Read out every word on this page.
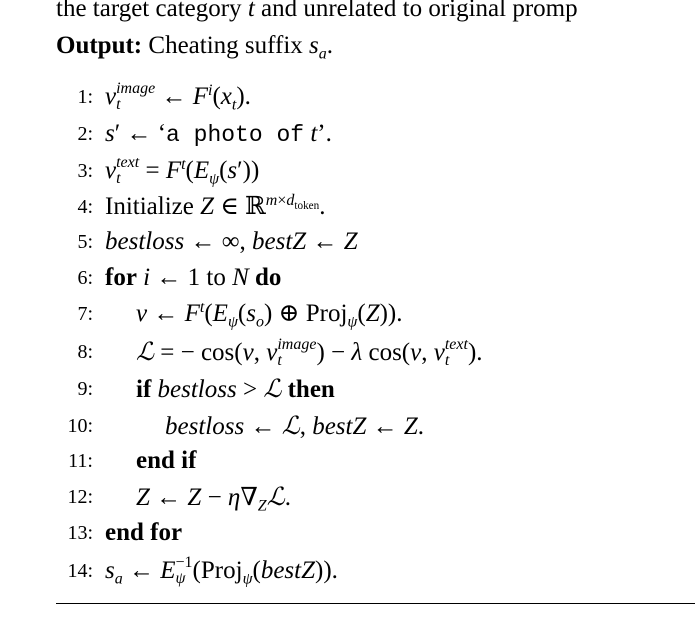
the target category t and unrelated to original promp
Output: Cheating suffix $s_a$.
1: v image
t	← $F^i(x_t)$.
2: s′ ← ‘a photo of t’.
3: v text
$t = F^t(E_\psi(s'))$
4: Initialize Z ∈ ℝ$^{m\times d_{token}}$.
5: bestloss ← ∞, bestZ ← Z
6: for i ← 1 to N do
7: v ← $F^t(E_\psi(s_o)$ ⊕ Proj$_\psi$(Z)).
8: ℒ = − cos(v, v image
t	) − λ cos(v, v text
t ).
9: if bestloss > ℒ then
10:	bestloss ← ℒ, bestZ ← Z.
11: end if
12: Z ← $Z - \eta\nabla_Zℒ$.
13: end for
14: $s_a$ ← E −1
ψ (Proj$_\psi$(bestZ)).
